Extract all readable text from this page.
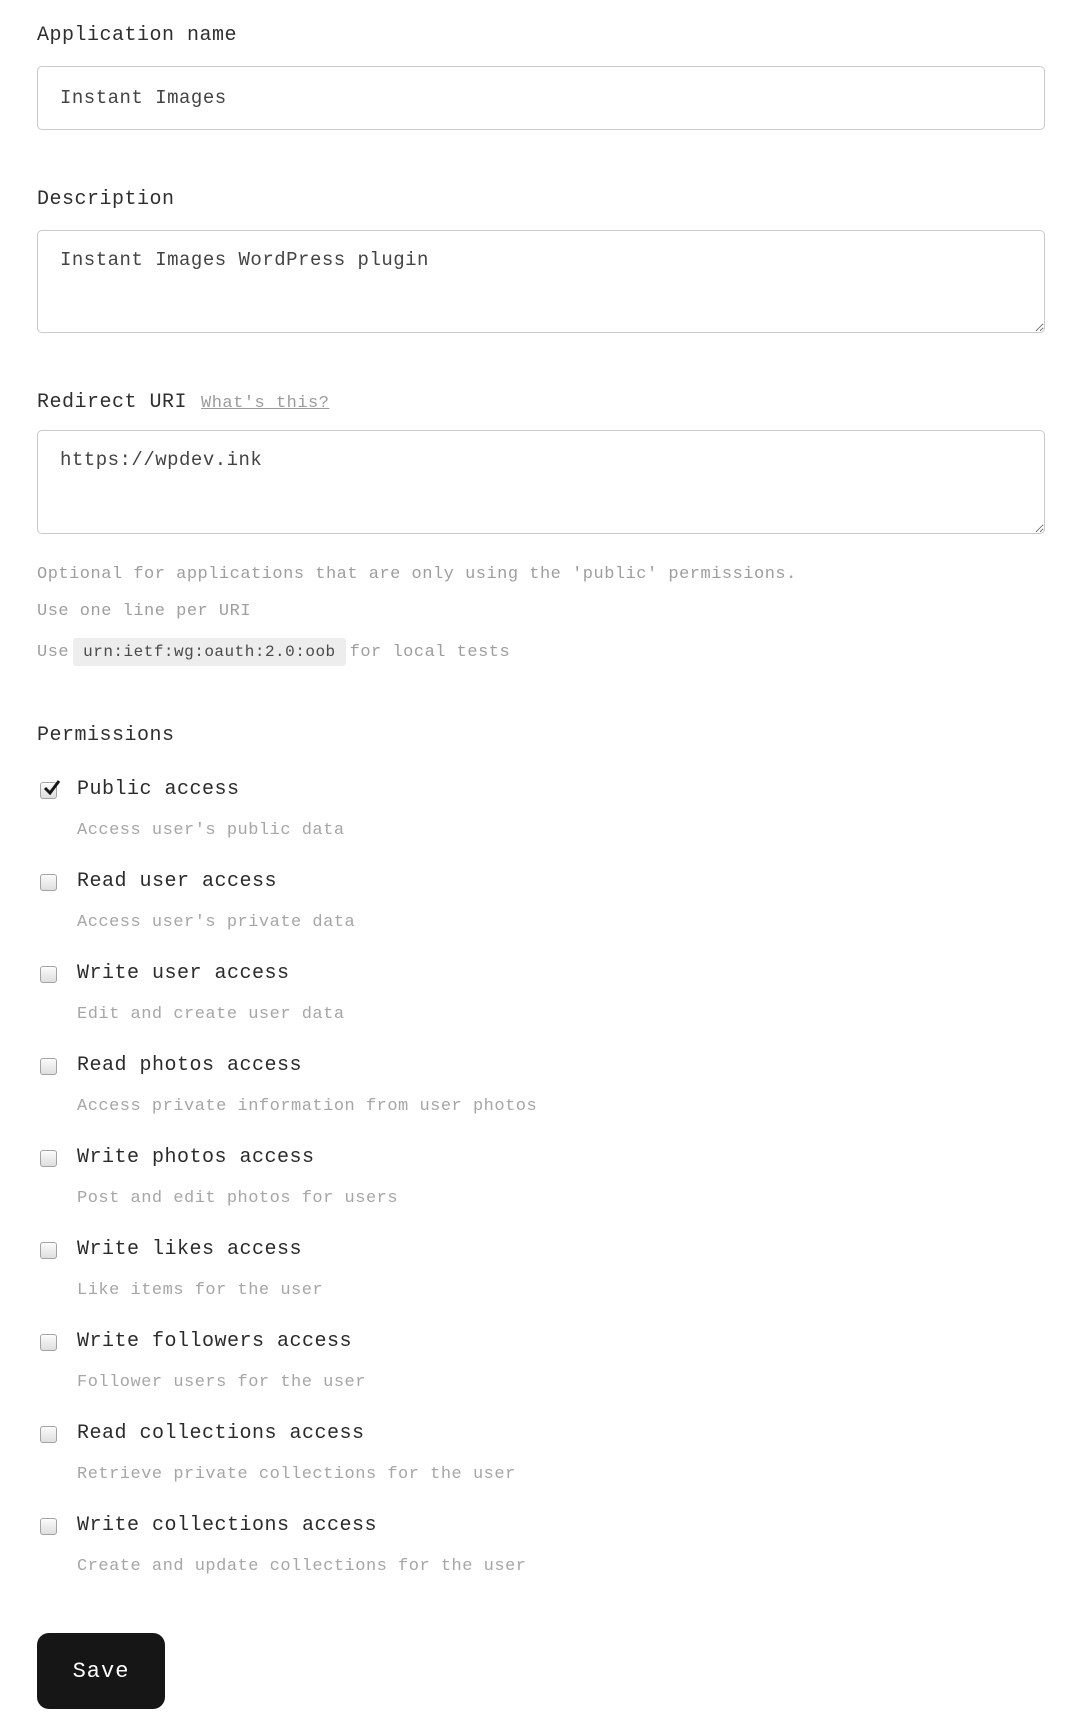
Application name
Instant Images
Description
Instant Images WordPress plugin
Redirect URI What's this?
https://wpdev.ink

Optional for applications that are only using the 'public' permissions.

Use one line per URI

Use urn:ietf:wg:oauth:2.0:oob for local tests

Permissions
Public access
Access user's public data
Read user access
Access user's private data
Write user access
Edit and create user data
Read photos access
Access private information from user photos
Write photos access
Post and edit photos for users
Write likes access
Like items for the user
Write followers access
Follower users for the user
Read collections access
Retrieve private collections for the user
Write collections access
Create and update collections for the user
Save
